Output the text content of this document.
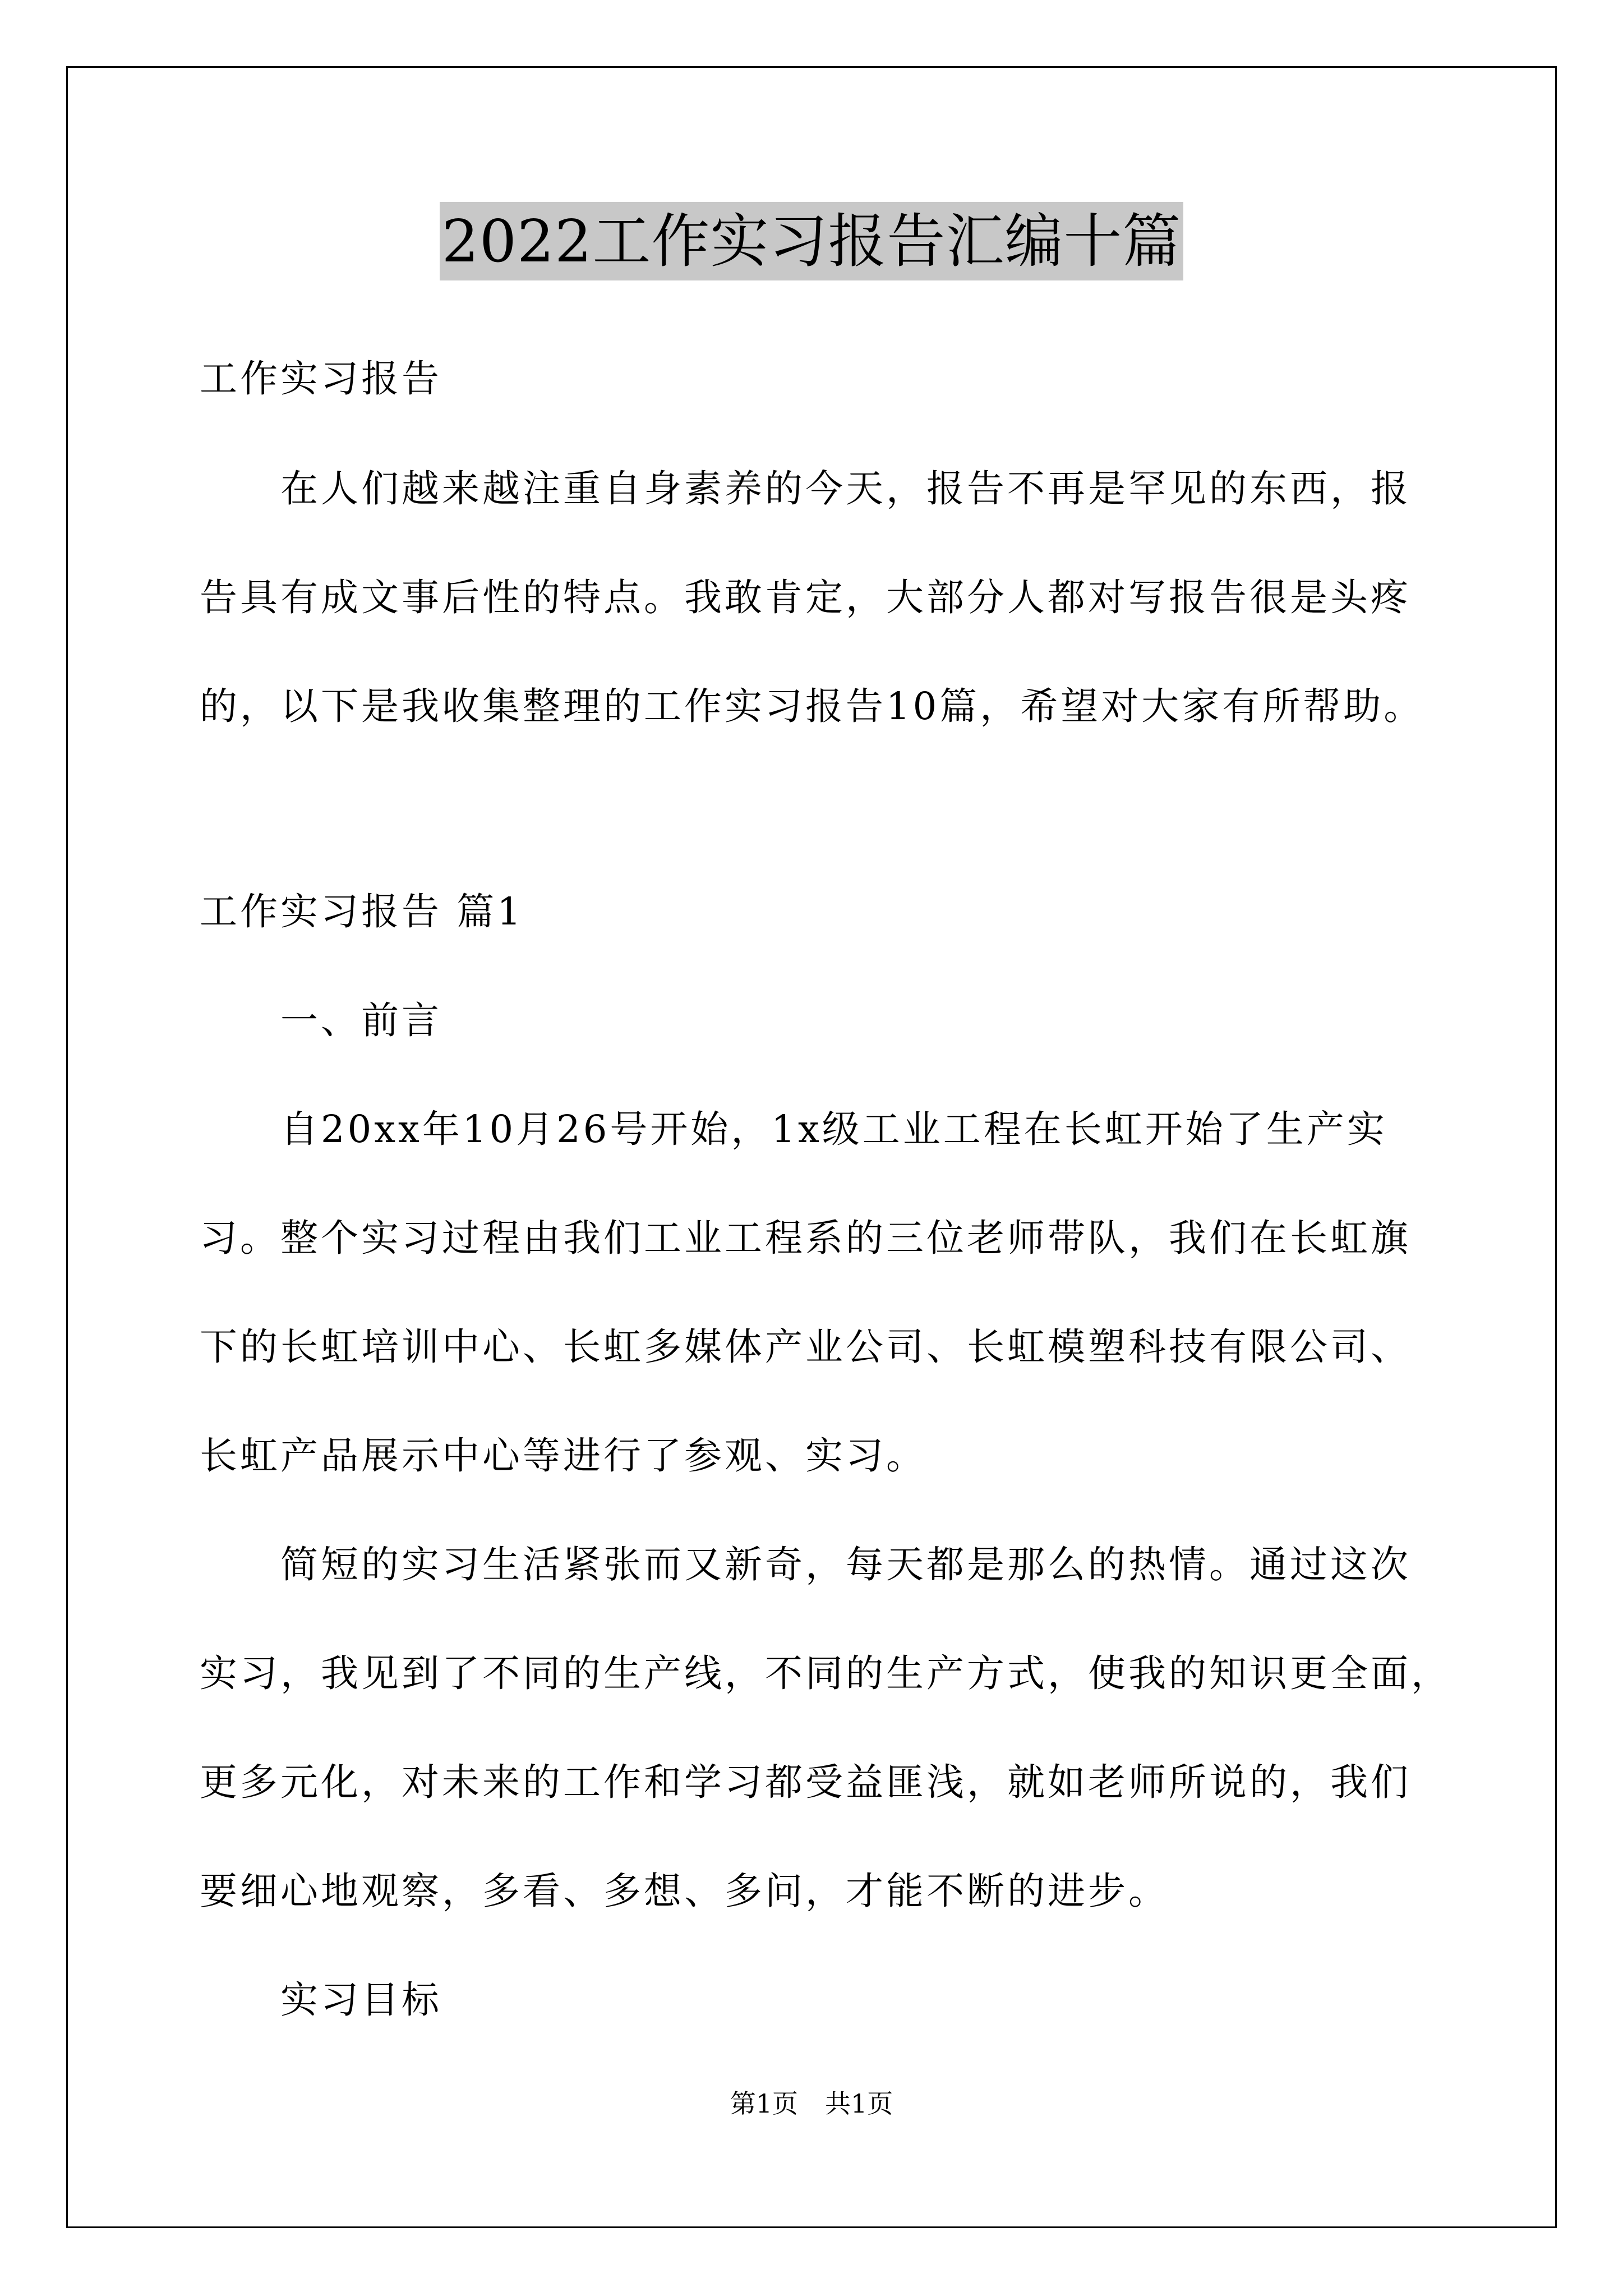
2022工作实习报告汇编十篇
工作实习报告
在人们越来越注重自身素养的今天，报告不再是罕见的东西，报
告具有成文事后性的特点。我敢肯定，大部分人都对写报告很是头疼
的，以下是我收集整理的工作实习报告10篇，希望对大家有所帮助。
工作实习报告 篇1
一、前言
自20xx年10月26号开始，1x级工业工程在长虹开始了生产实
习。整个实习过程由我们工业工程系的三位老师带队，我们在长虹旗
下的长虹培训中心、长虹多媒体产业公司、长虹模塑科技有限公司、
长虹产品展示中心等进行了参观、实习。
简短的实习生活紧张而又新奇，每天都是那么的热情。通过这次
实习，我见到了不同的生产线，不同的生产方式，使我的知识更全面，
更多元化，对未来的工作和学习都受益匪浅，就如老师所说的，我们
要细心地观察，多看、多想、多问，才能不断的进步。
实习目标
第1页 共1页
